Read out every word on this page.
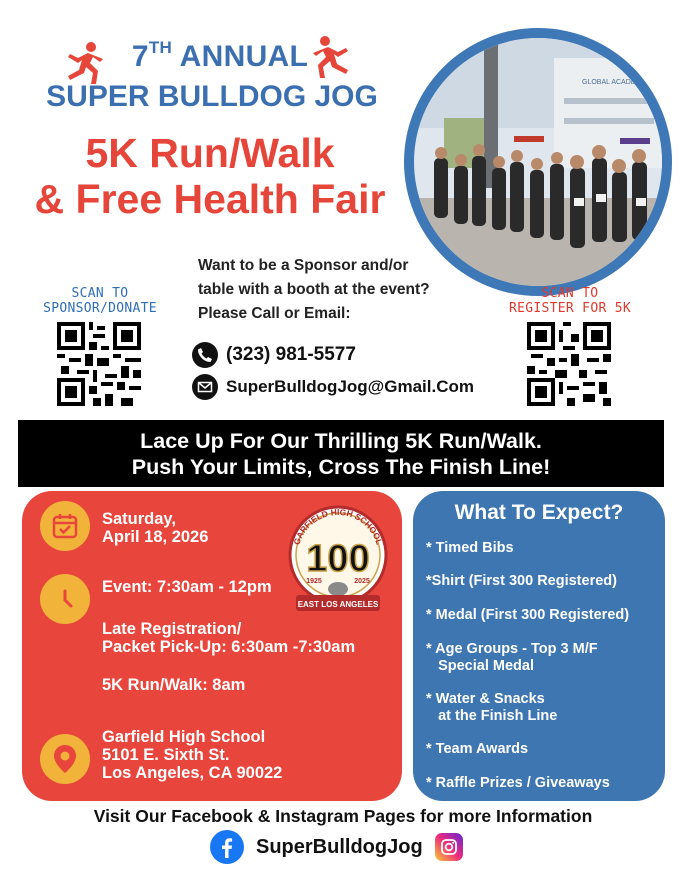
7TH ANNUAL
SUPER BULLDOG JOG
5K Run/Walk
& Free Health Fair
GLOBAL ACADEMY
SCAN TO
SPONSOR/DONATE
Want to be a Sponsor and/or
table with a booth at the event?
Please Call or Email:
(323) 981-5577
SuperBulldogJog@Gmail.Com
SCAN TO
REGISTER FOR 5K
Lace Up For Our Thrilling 5K Run/Walk.
Push Your Limits, Cross The Finish Line!
Saturday,
April 18, 2026
Event: 7:30am - 12pm
Late Registration/
Packet Pick-Up: 6:30am -7:30am
5K Run/Walk: 8am
Garfield High School
5101 E. Sixth St.
Los Angeles, CA 90022
GARFIELD HIGH SCHOOL
100
1925	2025
EAST LOS ANGELES
What To Expect?
* Timed Bibs
*Shirt (First 300 Registered)
* Medal (First 300 Registered)
* Age Groups - Top 3 M/F
Special Medal
* Water & Snacks
at the Finish Line
* Team Awards
* Raffle Prizes / Giveaways
Visit Our Facebook & Instagram Pages for more Information
SuperBulldogJog
